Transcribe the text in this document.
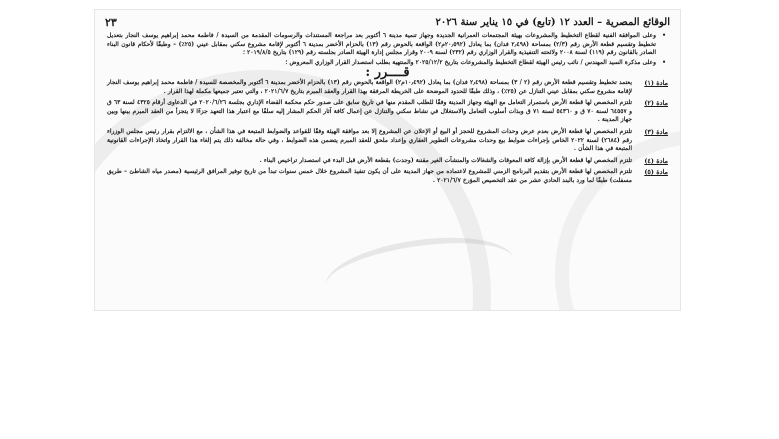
الوقائع المصرية – العدد ١٢ (تابع) في ١٥ يناير سنة ٢٠٢٦
٢٣

• وعلى الموافقة الفنية لقطاع التخطيط والمشروعات بهيئة المجتمعات العمرانية الجديدة وجهاز تنمية مدينة ٦ أكتوبر بعد مراجعة المستندات والرسومات المقدمة من السيدة / فاطمة محمد إبراهيم يوسف النجار بتعديل تخطيط وتقسيم قطعة الأرض رقم (٢/٣) بمساحة (٢٫٤٩٨ فدان) بما يعادل (٢٠٫٥٩٢م٢) الواقعة بالحوض رقم (١٣) بالحزام الأخضر بمدينة ٦ أكتوبر لإقامة مشروع سكني بمقابل عيني (٢٥٪) – وطبقًا لأحكام قانون البناء الصادر بالقانون رقم (١١٩) لسنة ٢٠٠٨ ولائحته التنفيذية والقرار الوزاري رقم (٢٣٢) لسنة ٢٠٠٩ وقرار مجلس إدارة الهيئة الصادر بجلسته رقم (١٢٩) بتاريخ ٢٠١٩/٨/٥ ؛

• وعلى مذكرة السيد المهندس / نائب رئيس الهيئة لقطاع التخطيط والمشروعات بتاريخ ٢٠٢٥/١٢/٢ والمنتهية بطلب استصدار القرار الوزاري المعروض ؛

قــــرر :
مادة (١)

يعتمد تخطيط وتقسيم قطعة الأرض رقم (٢ / ٣) بمساحة (٢٫٤٩٨ فدان) بما يعادل (١٠٫٤٩٢م٢) الواقعة بالحوض رقم (١٣) بالحزام الأخضر بمدينة ٦ أكتوبر والمخصصة للسيدة / فاطمة محمد إبراهيم يوسف النجار لإقامة مشروع سكني بمقابل عيني التنازل عن (٢٥٪) ، وذلك طبقًا للحدود الموضحة على الخريطة المرفقة بهذا القرار والعقد المبرم بتاريخ ٢٠٢١/٦/٧ ، والتي تعتبر جميعها مكملة لهذا القرار .

مادة (٢)

تلتزم المخصص لها قطعة الأرض باستمرار التعامل مع الهيئة وجهاز المدينة وفقًا للطلب المقدم منها في تاريخ سابق على صدور حكم محكمة القضاء الإداري بجلسة ٢٠٢٠/٦/٢٦ في الدعاوى أرقام ٤٣٢٥ لسنة ٦٣ ق و ٦٤٥٥٧ لسنة ٧٠ ق و ٥٤٣٦٠ لسنة ٧١ ق وبذات أسلوب التعامل والاستغلال في نشاط سكني والتنازل عن إعمال كافة آثار الحكم المشار إليه سلفًا مع اعتبار هذا التعهد جزءًا لا يتجزأ من العقد المبرم بينها وبين جهاز المدينة .

مادة (٣)

تلتزم المخصص لها قطعة الأرض بعدم عرض وحدات المشروع للحجز أو البيع أو الإعلان عن المشروع إلا بعد موافقة الهيئة وفقًا للقواعد والضوابط المتبعة في هذا الشأن ، مع الالتزام بقرار رئيس مجلس الوزراء رقم (٢٦٨٤) لسنة ٢٠٢٢ الخاص بإجراءات ضوابط بيع وحدات مشروعات التطوير العقاري وإعداد ملحق للعقد المبرم يتضمن هذه الضوابط ، وفي حالة مخالفة ذلك يتم إلغاء هذا القرار واتخاذ الإجراءات القانونية المتبعة في هذا الشأن .

مادة (٤)

تلتزم المخصص لها قطعة الأرض بإزالة كافة المعوقات والشغالات والمنشآت الغير مقننة (وجدت) بقطعة الأرض قبل البدء في استصدار تراخيص البناء .

مادة (٥)

تلتزم المخصص لها قطعة الأرض بتقديم البرنامج الزمني للمشروع لاعتماده من جهاز المدينة على أن يكون تنفيذ المشروع خلال خمس سنوات تبدأ من تاريخ توفير المرافق الرئيسية (مصدر مياه الشاطئ – طريق مسفلت) طبقًا لما ورد بالبند الحادي عشر من عقد التخصيص المؤرخ ٢٠٢١/٦/٧ .
